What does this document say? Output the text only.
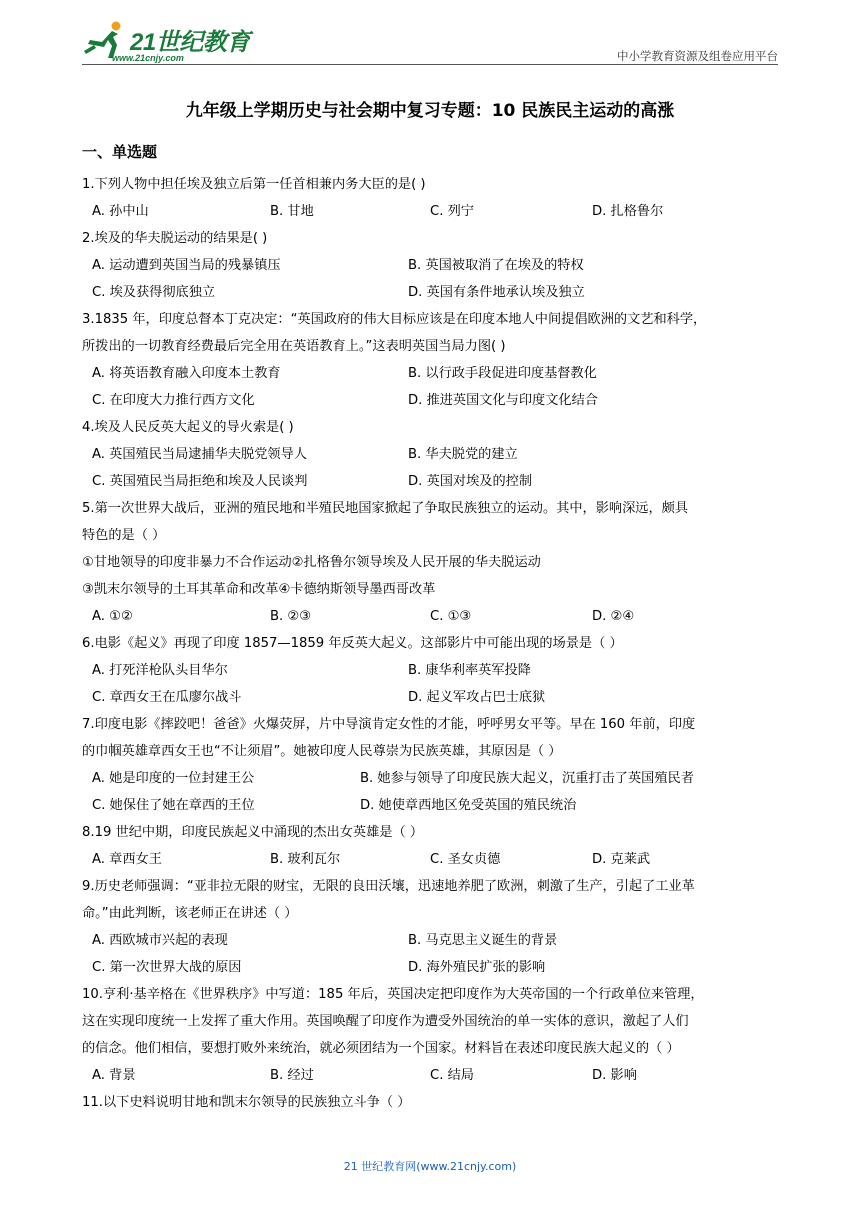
21世纪教育
www.21cnjy.com	中小学教育资源及组卷应用平台
九年级上学期历史与社会期中复习专题：10 民族民主运动的高涨
一、单选题
1.下列人物中担任埃及独立后第一任首相兼内务大臣的是( )
A. 孙中山	B. 甘地	C. 列宁	D. 扎格鲁尔
2.埃及的华夫脱运动的结果是( )
A. 运动遭到英国当局的残暴镇压	B. 英国被取消了在埃及的特权
C. 埃及获得彻底独立	D. 英国有条件地承认埃及独立
3.1835 年，印度总督本丁克决定：“英国政府的伟大目标应该是在印度本地人中间提倡欧洲的文艺和科学，
所拨出的一切教育经费最后完全用在英语教育上。”这表明英国当局力图( )
A. 将英语教育融入印度本土教育	B. 以行政手段促进印度基督教化
C. 在印度大力推行西方文化	D. 推进英国文化与印度文化结合
4.埃及人民反英大起义的导火索是( )
A. 英国殖民当局逮捕华夫脱党领导人	B. 华夫脱党的建立
C. 英国殖民当局拒绝和埃及人民谈判	D. 英国对埃及的控制
5.第一次世界大战后，亚洲的殖民地和半殖民地国家掀起了争取民族独立的运动。其中，影响深远，颇具
特色的是（ ）
①甘地领导的印度非暴力不合作运动②扎格鲁尔领导埃及人民开展的华夫脱运动
③凯末尔领导的土耳其革命和改革④卡德纳斯领导墨西哥改革
A. ①②	B. ②③	C. ①③	D. ②④
6.电影《起义》再现了印度 1857—1859 年反英大起义。这部影片中可能出现的场景是（ ）
A. 打死洋枪队头目华尔	B. 康华利率英军投降
C. 章西女王在瓜廖尔战斗	D. 起义军攻占巴士底狱
7.印度电影《摔跤吧！爸爸》火爆荧屏，片中导演肯定女性的才能，呼呼男女平等。早在 160 年前，印度
的巾帼英雄章西女王也“不让须眉”。她被印度人民尊崇为民族英雄，其原因是（ ）
A. 她是印度的一位封建王公	B. 她参与领导了印度民族大起义，沉重打击了英国殖民者
C. 她保住了她在章西的王位	D. 她使章西地区免受英国的殖民统治
8.19 世纪中期，印度民族起义中涌现的杰出女英雄是（ ）
A. 章西女王	B. 玻利瓦尔	C. 圣女贞德	D. 克莱武
9.历史老师强调：“亚非拉无限的财宝，无限的良田沃壤，迅速地养肥了欧洲，刺激了生产，引起了工业革
命。”由此判断，该老师正在讲述（ ）
A. 西欧城市兴起的表现	B. 马克思主义诞生的背景
C. 第一次世界大战的原因	D. 海外殖民扩张的影响
10.亨利·基辛格在《世界秩序》中写道：185 年后，英国决定把印度作为大英帝国的一个行政单位来管理，
这在实现印度统一上发挥了重大作用。英国唤醒了印度作为遭受外国统治的单一实体的意识，激起了人们
的信念。他们相信，要想打败外来统治，就必须团结为一个国家。材料旨在表述印度民族大起义的（ ）
A. 背景	B. 经过	C. 结局	D. 影响
11.以下史料说明甘地和凯末尔领导的民族独立斗争（ ）
21 世纪教育网(www.21cnjy.com)
